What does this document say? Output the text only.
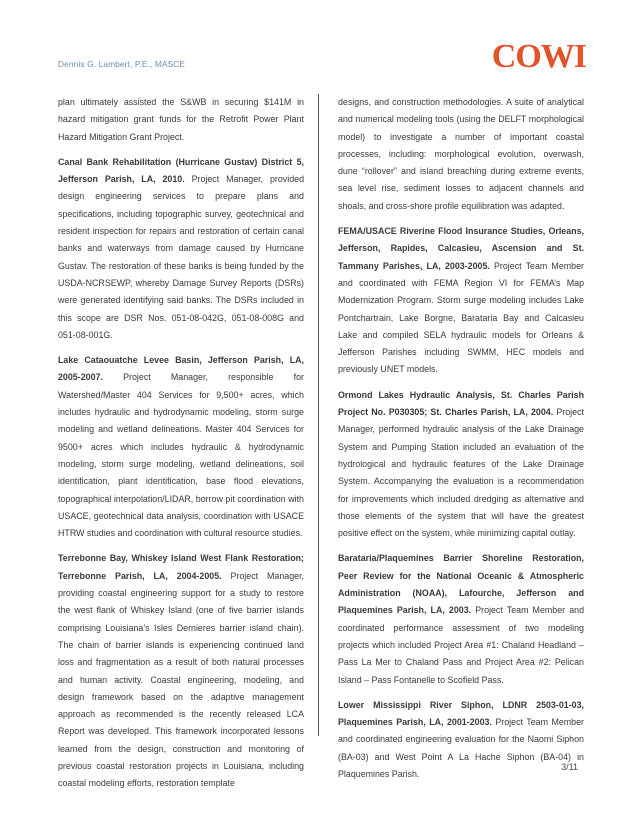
Dennis G. Lambert, P.E., MASCE	COWI

plan ultimately assisted the S&WB in securing $141M in hazard mitigation grant funds for the Retrofit Power Plant Hazard Mitigation Grant Project.

Canal Bank Rehabilitation (Hurricane Gustav) District 5, Jefferson Parish, LA, 2010. Project Manager, provided design engineering services to prepare plans and specifications, including topographic survey, geotechnical and resident inspection for repairs and restoration of certain canal banks and waterways from damage caused by Hurricane Gustav. The restoration of these banks is being funded by the USDA-NCRSEWP, whereby Damage Survey Reports (DSRs) were generated identifying said banks. The DSRs included in this scope are DSR Nos. 051-08-042G, 051-08-008G and 051-08-001G.

Lake Cataouatche Levee Basin, Jefferson Parish, LA, 2005-2007. Project Manager, responsible for Watershed/Master 404 Services for 9,500+ acres, which includes hydraulic and hydrodynamic modeling, storm surge modeling and wetland delineations. Master 404 Services for 9500+ acres which includes hydraulic & hydrodynamic modeling, storm surge modeling, wetland delineations, soil identification, plant identification, base flood elevations, topographical interpolation/LIDAR, borrow pit coordination with USACE, geotechnical data analysis, coordination with USACE HTRW studies and coordination with cultural resource studies.

Terrebonne Bay, Whiskey Island West Flank Restoration; Terrebonne Parish, LA, 2004-2005. Project Manager, providing coastal engineering support for a study to restore the west flank of Whiskey Island (one of five barrier islands comprising Louisiana’s Isles Dernieres barrier island chain). The chain of barrier islands is experiencing continued land loss and fragmentation as a result of both natural processes and human activity. Coastal engineering, modeling, and design framework based on the adaptive management approach as recommended is the recently released LCA Report was developed. This framework incorporated lessons learned from the design, construction and monitoring of previous coastal restoration projects in Louisiana, including coastal modeling efforts, restoration template

designs, and construction methodologies. A suite of analytical and numerical modeling tools (using the DELFT morphological model) to investigate a number of important coastal processes, including: morphological evolution, overwash, dune “rollover” and island breaching during extreme events, sea level rise, sediment losses to adjacent channels and shoals, and cross-shore profile equilibration was adapted.

FEMA/USACE Riverine Flood Insurance Studies, Orleans, Jefferson, Rapides, Calcasieu, Ascension and St. Tammany Parishes, LA, 2003-2005. Project Team Member and coordinated with FEMA Region VI for FEMA’s Map Modernization Program. Storm surge modeling includes Lake Pontchartrain, Lake Borgne, Barataria Bay and Calcasieu Lake and compiled SELA hydraulic models for Orleans & Jefferson Parishes including SWMM, HEC models and previously UNET models.

Ormond Lakes Hydraulic Analysis, St. Charles Parish Project No. P030305; St. Charles Parish, LA, 2004. Project Manager, performed hydraulic analysis of the Lake Drainage System and Pumping Station included an evaluation of the hydrological and hydraulic features of the Lake Drainage System. Accompanying the evaluation is a recommendation for improvements which included dredging as alternative and those elements of the system that will have the greatest positive effect on the system, while minimizing capital outlay.

Barataria/Plaquemines Barrier Shoreline Restoration, Peer Review for the National Oceanic & Atmospheric Administration (NOAA), Lafourche, Jefferson and Plaquemines Parish, LA, 2003. Project Team Member and coordinated performance assessment of two modeling projects which included Project Area #1: Chaland Headland – Pass La Mer to Chaland Pass and Project Area #2: Pelican Island – Pass Fontanelle to Scofield Pass.

Lower Mississippi River Siphon, LDNR 2503-01-03, Plaquemines Parish, LA, 2001-2003. Project Team Member and coordinated engineering evaluation for the Naomi Siphon (BA-03) and West Point A La Hache Siphon (BA-04) in Plaquemines Parish.

3/11
